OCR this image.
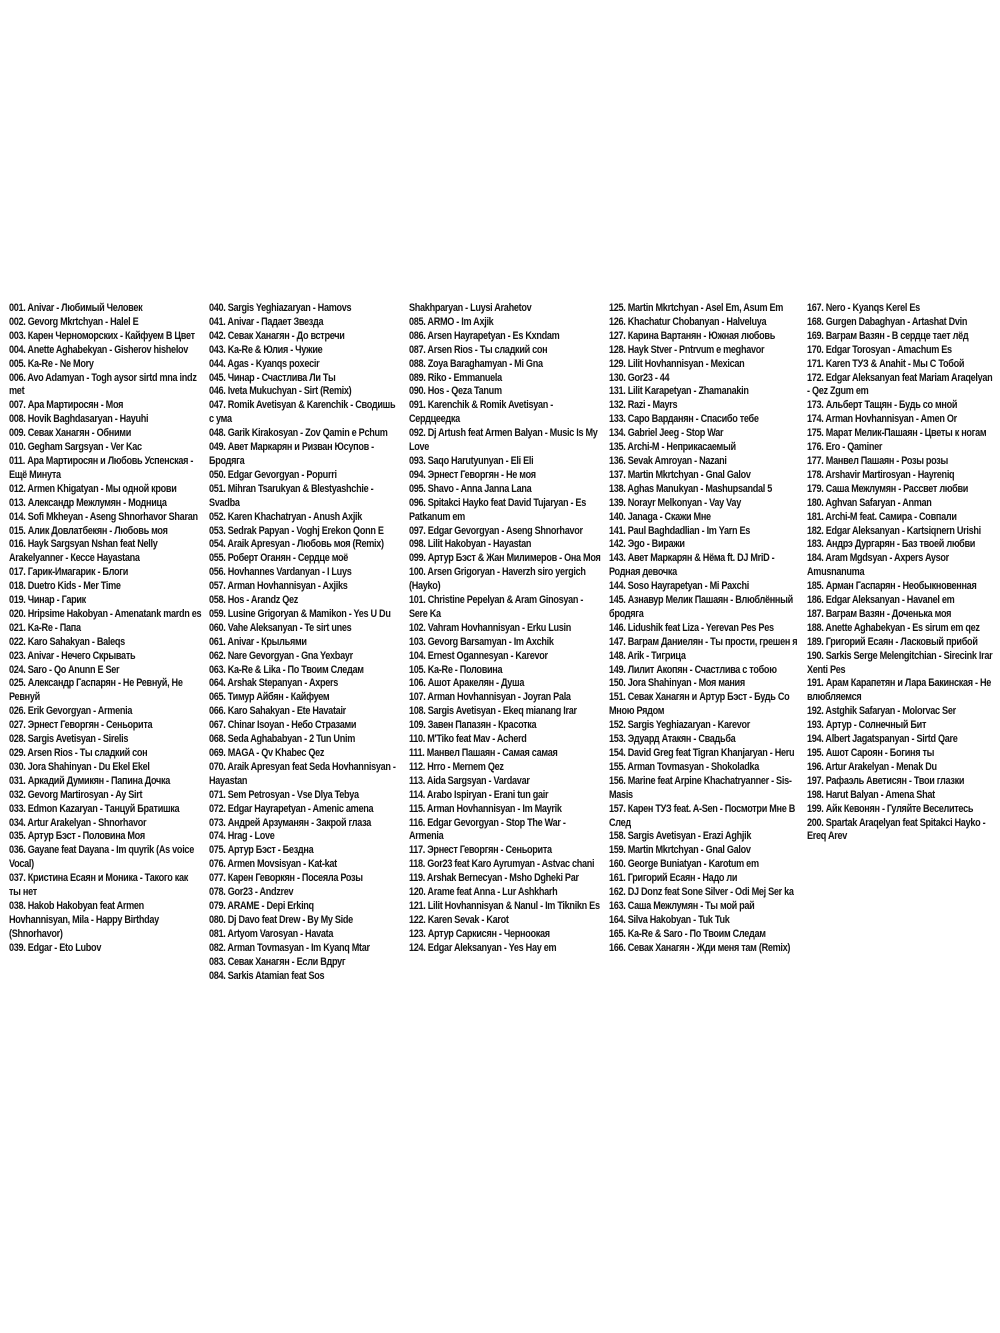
001. Anivar - Любимый Человек
002. Gevorg Mkrtchyan - Halel E
003. Карен Черноморских - Кайфуем В Цвет
004. Anette Aghabekyan - Gisherov hishelov
005. Ka-Re - Ne Mory
006. Avo Adamyan - Togh aysor sirtd mna indz met
007. Ара Мартиросян - Моя
008. Hovik Baghdasaryan - Hayuhi
009. Севак Ханагян - Обними
010. Gegham Sargsyan - Ver Kac
011. Ара Мартиросян и Любовь Успенская - Ещё Минута
012. Armen Khigatyan - Мы одной крови
013. Александр Межлумян - Модница
014. Sofi Mkheyan - Aseng Shnorhavor Sharan
015. Алик Довлатбекян - Любовь моя
016. Hayk Sargsyan Nshan feat Nelly Arakelyanner - Кессе Hayastana
017. Гарик-Имагарик - Блоги
018. Duetro Kids - Mer Time
019. Чинар - Гарик
020. Hripsime Hakobyan - Amenatank mardn es
021. Ka-Re - Папа
022. Karo Sahakyan - Baleqs
023. Anivar - Нечего Скрывать
024. Saro - Qo Anunn E Ser
025. Александр Гаспарян - Не Ревнуй, Не Ревнуй
026. Erik Gevorgyan - Armenia
027. Эрнест Геворгян - Сеньорита
028. Sargis Avetisyan - Sirelis
029. Arsen Rios - Ты сладкий сон
030. Jora Shahinyan - Du Ekel Ekel
031. Аркадий Думикян - Папина Дочка
032. Gevorg Martirosyan - Ay Sirt
033. Edmon Kazaryan - Танцуй Братишка
034. Artur Arakelyan - Shnorhavor
035. Артур Бэст - Половина Моя
036. Gayane feat Dayana - Im quyrik (As voice Vocal)
037. Кристина Есаян и Моника - Такого как ты нет
038. Hakob Hakobyan feat Armen Hovhannisyan, Mila - Happy Birthday (Shnorhavor)
039. Edgar - Eto Lubov
040. Sargis Yeghiazaryan - Hamovs
041. Anivar - Падает Звезда
042. Севак Ханагян - До встречи
043. Ka-Re & Юлия - Чужие
044. Agas - Kyanqs poxecir
045. Чинар - Счастлива Ли Ты
046. Iveta Mukuchyan - Sirt (Remix)
047. Romik Avetisyan & Karenchik - Сводишь с ума
048. Garik Kirakosyan - Zov Qamin e Pchum
049. Авет Маркарян и Ризван Юсупов - Бродяга
050. Edgar Gevorgyan - Popurri
051. Mihran Tsarukyan & Blestyashchie - Svadba
052. Karen Khachatryan - Anush Axjik
053. Sedrak Papyan - Voghj Erekon Qonn E
054. Araik Apresyan - Любовь моя (Remix)
055. Роберт Оганян - Сердце моё
056. Hovhannes Vardanyan - I Luys
057. Arman Hovhannisyan - Axjiks
058. Hos - Arandz Qez
059. Lusine Grigoryan & Mamikon - Yes U Du
060. Vahe Aleksanyan - Te sirt unes
061. Anivar - Крыльями
062. Nare Gevorgyan - Gna Yexbayr
063. Ka-Re & Lika - По Твоим Следам
064. Arshak Stepanyan - Axpers
065. Тимур Айбян - Кайфуем
066. Karo Sahakyan - Ete Havatair
067. Chinar Isoyan - Небо Стразами
068. Seda Aghababyan - 2 Tun Unim
069. MAGA - Qv Khabec Qez
070. Araik Apresyan feat Seda Hovhannisyan - Hayastan
071. Sem Petrosyan - Vse Dlya Tebya
072. Edgar Hayrapetyan - Amenic amena
073. Андрей Арзуманян - Закрой глаза
074. Hrag - Love
075. Артур Бэст - Бездна
076. Armen Movsisyan - Kat-kat
077. Карен Геворкян - Посеяла Розы
078. Gor23 - Andzrev
079. ARAME - Depi Erkinq
080. Dj Davo feat Drew - By My Side
081. Artyom Varosyan - Havata
082. Arman Tovmasyan - Im Kyanq Mtar
083. Севак Ханагян - Если Вдруг
084. Sarkis Atamian feat Sos
Shakhparyan - Luysi Arahetov
085. ARMO - Im Axjik
086. Arsen Hayrapetyan - Es Kxndam
087. Arsen Rios - Ты сладкий сон
088. Zoya Baraghamyan - Mi Gna
089. Riko - Emmanuela
090. Hos - Qeza Tanum
091. Karenchik & Romik Avetisyan - Сердцеедка
092. Dj Artush feat Armen Balyan - Music Is My Love
093. Saqo Harutyunyan - Eli Eli
094. Эрнест Геворгян - Не моя
095. Shavo - Anna Janna Lana
096. Spitakci Hayko feat David Tujaryan - Es Patkanum em
097. Edgar Gevorgyan - Aseng Shnorhavor
098. Lilit Hakobyan - Hayastan
099. Артур Бэст & Жан Милимеров - Она Моя
100. Arsen Grigoryan - Haverzh siro yergich (Hayko)
101. Christine Pepelyan & Aram Ginosyan - Sere Ka
102. Vahram Hovhannisyan - Erku Lusin
103. Gevorg Barsamyan - Im Axchik
104. Ernest Ogannesyan - Karevor
105. Ka-Re - Половина
106. Ашот Аракелян - Душа
107. Arman Hovhannisyan - Joyran Pala
108. Sargis Avetisyan - Ekeq mianang Irar
109. Завен Папазян - Красотка
110. M'Tiko feat Mav - Acherd
111. Манвел Пашаян - Самая самая
112. Hrro - Mernem Qez
113. Aida Sargsyan - Vardavar
114. Arabo Ispiryan - Erani tun gair
115. Arman Hovhannisyan - Im Mayrik
116. Edgar Gevorgyan - Stop The War - Armenia
117. Эрнест Геворгян - Сеньорита
118. Gor23 feat Karo Ayrumyan - Astvac chani
119. Arshak Bernecyan - Msho Dgheki Par
120. Arame feat Anna - Lur Ashkharh
121. Lilit Hovhannisyan & Nanul - Im Tiknikn Es
122. Karen Sevak - Karot
123. Артур Саркисян - Черноокая
124. Edgar Aleksanyan - Yes Hay em
125. Martin Mkrtchyan - Asel Em, Asum Em
126. Khachatur Chobanyan - Halveluya
127. Карина Вартанян - Южная любовь
128. Hayk Stver - Pntrvum e meghavor
129. Lilit Hovhannisyan - Mexican
130. Gor23 - 44
131. Lilit Karapetyan - Zhamanakin
132. Razi - Mayrs
133. Саро Варданян - Спасибо тебе
134. Gabriel Jeeg - Stop War
135. Archi-M - Неприкасаемый
136. Sevak Amroyan - Nazani
137. Martin Mkrtchyan - Gnal Galov
138. Aghas Manukyan - Mashupsandal 5
139. Norayr Melkonyan - Vay Vay
140. Janaga - Скажи Мне
141. Paul Baghdadlian - Im Yarn Es
142. Эgo - Виражи
143. Авет Маркарян & Нёма ft. DJ MriD - Родная девочка
144. Soso Hayrapetyan - Mi Paxchi
145. Азнавур Мелик Пашаян - Влюблённый бродяга
146. Lidushik feat Liza - Yerevan Pes Pes
147. Ваграм Даниелян - Ты прости, грешен я
148. Arik - Тигрица
149. Лилит Акопян - Счастлива с тобою
150. Jora Shahinyan - Моя мания
151. Севак Ханагян и Артур Бэст - Будь Со Мною Рядом
152. Sargis Yeghiazaryan - Karevor
153. Эдуард Атакян - Свадьба
154. David Greg feat Tigran Khanjaryan - Heru
155. Arman Tovmasyan - Shokoladka
156. Marine feat Arpine Khachatryanner - Sis-Masis
157. Карен ТУЗ feat. A-Sen - Посмотри Мне В След
158. Sargis Avetisyan - Erazi Aghjik
159. Martin Mkrtchyan - Gnal Galov
160. George Buniatyan - Karotum em
161. Григорий Есаян - Надо ли
162. DJ Donz feat Sone Silver - Odi Mej Ser ka
163. Саша Межлумян - Ты мой рай
164. Silva Hakobyan - Tuk Tuk
165. Ka-Re & Saro - По Твоим Следам
166. Севак Ханагян - Жди меня там (Remix)
167. Nero - Kyanqs Kerel Es
168. Gurgen Dabaghyan - Artashat Dvin
169. Ваграм Вазян - В сердце тает лёд
170. Edgar Torosyan - Amachum Es
171. Karen ТУЗ & Anahit - Мы С Тобой
172. Edgar Aleksanyan feat Mariam Araqelyan - Qez Zgum em
173. Альберт Тащян - Будь со мной
174. Arman Hovhannisyan - Amen Or
175. Марат Мелик-Пашаян - Цветы к ногам
176. Ero - Qaminer
177. Манвел Пашаян - Розы розы
178. Arshavir Martirosyan - Hayreniq
179. Саша Межлумян - Рассвет любви
180. Aghvan Safaryan - Anman
181. Archi-M feat. Самира - Совпали
182. Edgar Aleksanyan - Kartsiqnern Urishi
183. Андрэ Дургарян - Баз твоей любви
184. Aram Mgdsyan - Axpers Aysor Amusnanuma
185. Арман Гаспарян - Необыкновенная
186. Edgar Aleksanyan - Havanel em
187. Ваграм Вазян - Доченька моя
188. Anette Aghabekyan - Es sirum em qez
189. Григорий Есаян - Ласковый прибой
190. Sarkis Serge Melengitchian - Sirecink Irar Xenti Pes
191. Арам Карапетян и Лара Бакинская - Не влюбляемся
192. Astghik Safaryan - Molorvac Ser
193. Артур - Солнечный Бит
194. Albert Jagatspanyan - Sirtd Qare
195. Ашот Сароян - Богиня ты
196. Artur Arakelyan - Menak Du
197. Рафаэль Аветисян - Твои глазки
198. Harut Balyan - Amena Shat
199. Айк Кевонян - Гуляйте Веселитесь
200. Spartak Araqelyan feat Spitakci Hayko - Ereq Arev
